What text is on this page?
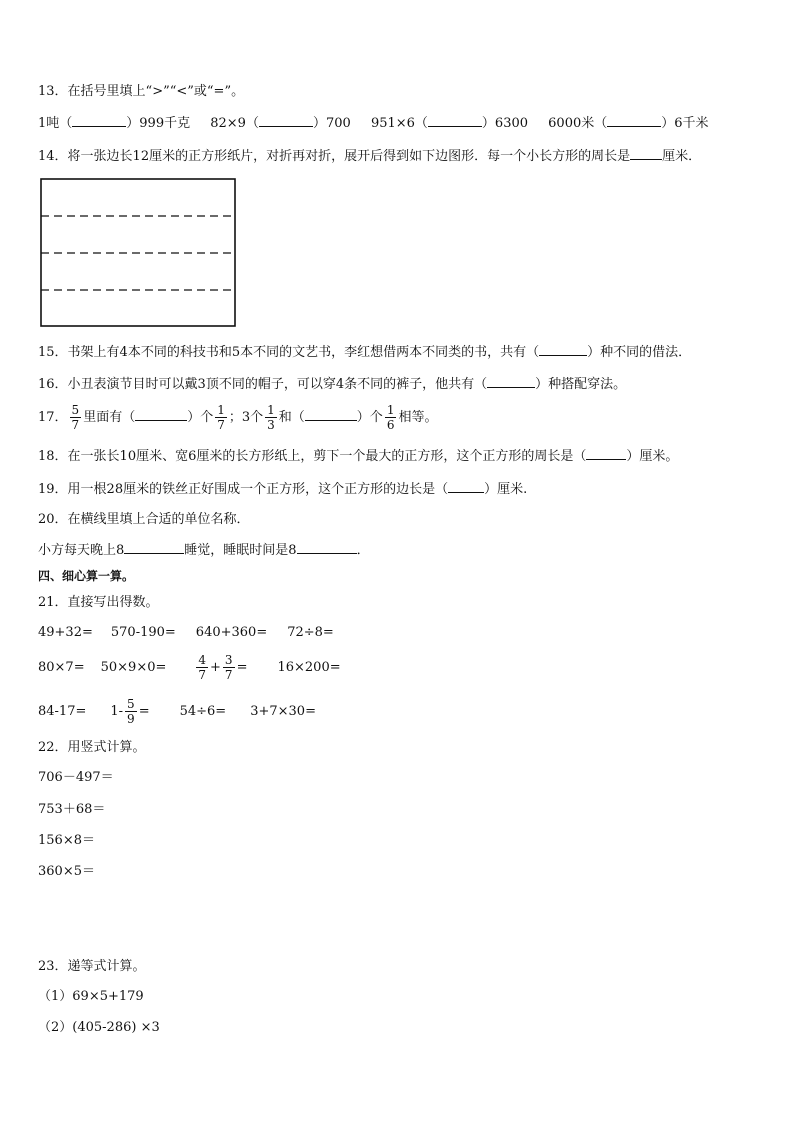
13．在括号里填上“>”“<”或“=”。
1吨（	）999千克 82×9（	）700 951×6（	）6300 6000米（	）6千米
14．将一张边长12厘米的正方形纸片，对折再对折，展开后得到如下边图形．每一个小长方形的周长是 厘米．
15．书架上有4本不同的科技书和5本不同的文艺书，李红想借两本不同类的书，共有（	）种不同的借法．
16．小丑表演节目时可以戴3顶不同的帽子，可以穿4条不同的裤子，他共有（	）种搭配穿法。
17． $\frac{5}{7}$ 里面有（	）个 $\frac{1}{7}$ ；3个 $\frac{1}{3}$ 和（	）个 $\frac{1}{6}$ 相等。
18．在一张长10厘米、宽6厘米的长方形纸上，剪下一个最大的正方形，这个正方形的周长是（	）厘米。
19．用一根28厘米的铁丝正好围成一个正方形，这个正方形的边长是（	）厘米.
20．在横线里填上合适的单位名称．
小方每天晚上8	睡觉，睡眠时间是8	．
四、细心算一算。
21．直接写出得数。
49+32= 570-190= 640+360= 72÷8=
80×7= 50×9×0=	$\frac{4}{7} + \frac{3}{7} = 16\times 200=$
$84-17= 1- \frac{5}{9} = 54\div 6= 3+7\times 30=$
22．用竖式计算。
706－497＝
753＋68＝
156×8＝
360×5＝
23．递等式计算。
（1）69×5+179
（2）(405-286) ×3
